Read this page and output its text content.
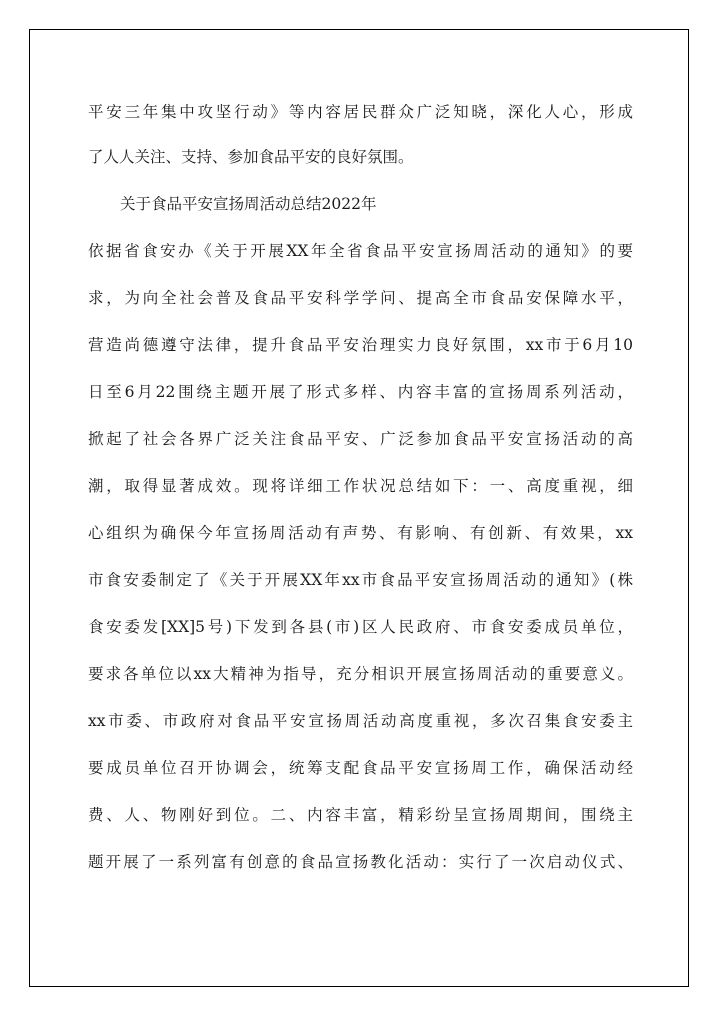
平安三年集中攻坚行动》等内容居民群众广泛知晓，深化人心，形成
了人人关注、支持、参加食品平安的良好氛围。
关于食品平安宣扬周活动总结2022年
依据省食安办《关于开展XX年全省食品平安宣扬周活动的通知》的要
求，为向全社会普及食品平安科学学问、提高全市食品安保障水平，
营造尚德遵守法律，提升食品平安治理实力良好氛围，xx市于6月10
日至6月22围绕主题开展了形式多样、内容丰富的宣扬周系列活动，
掀起了社会各界广泛关注食品平安、广泛参加食品平安宣扬活动的高
潮，取得显著成效。现将详细工作状况总结如下：一、高度重视，细
心组织为确保今年宣扬周活动有声势、有影响、有创新、有效果，xx
市食安委制定了《关于开展XX年xx市食品平安宣扬周活动的通知》(株
食安委发[XX]5号)下发到各县(市)区人民政府、市食安委成员单位，
要求各单位以xx大精神为指导，充分相识开展宣扬周活动的重要意义。
xx市委、市政府对食品平安宣扬周活动高度重视，多次召集食安委主
要成员单位召开协调会，统筹支配食品平安宣扬周工作，确保活动经
费、人、物刚好到位。二、内容丰富，精彩纷呈宣扬周期间，围绕主
题开展了一系列富有创意的食品宣扬教化活动：实行了一次启动仪式、
